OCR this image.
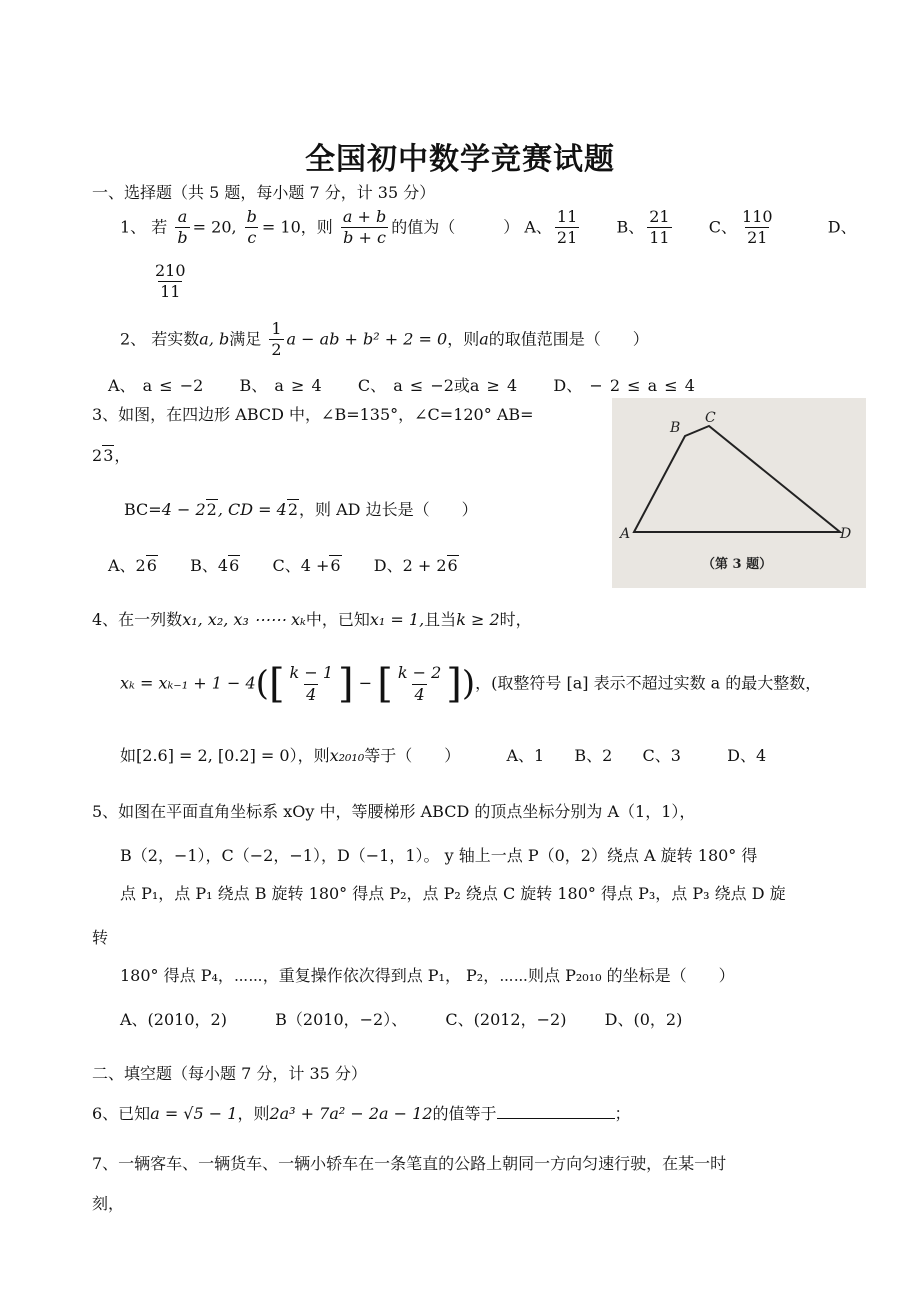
全国初中数学竞赛试题
一、选择题（共 5 题，每小题 7 分，计 35 分）
1、 若 $\frac{a}{b} = 20$, $\frac{b}{c} = 10$，则 $\frac{a + b}{b + c}$ 的值为（　　　） A、 $\frac{11}{21}$ B、 $\frac{21}{11}$ C、 $\frac{110}{21}$	D、
$\frac{210}{11}$
2、 若实数a, b满足 $\frac{1}{2}$ a − ab + b² + 2 = 0，则a的取值范围是（　　）
A、 a ≤ −2 B、 a ≥ 4 C、 a ≤ −2或a ≥ 4 D、 − 2 ≤ a ≤ 4
3、如图，在四边形 ABCD 中，∠B=135°，∠C=120° AB=
23，
BC=4 − 22, CD = 42，则 AD 边长是（　　）
A、26 B、46 C、4 +6 D、2 + 26
A
B
C
D
（第 3 题）
4、在一列数x₁, x₂, x₃ ⋯⋯ xₖ中，已知x₁ = 1,且当k ≥ 2时，
$x_k = x_{k-1} + 1 - 4([ \frac{k - 1}{4}$ ] − [ $\frac{k - 2}{4}$ ])，(取整符号 [a] 表示不超过实数 a 的最大整数，
如[2.6] = 2, [0.2] = 0），则x₂₀₁₀等于（　　）	A、1 B、2 C、3	D、4
5、如图在平面直角坐标系 xOy 中，等腰梯形 ABCD 的顶点坐标分别为 A（1，1），
B（2，−1），C（−2，−1），D（−1，1）。 y 轴上一点 P（0，2）绕点 A 旋转 180° 得
点 P₁，点 P₁ 绕点 B 旋转 180° 得点 P₂，点 P₂ 绕点 C 旋转 180° 得点 P₃，点 P₃ 绕点 D 旋
转
180° 得点 P₄，⋯⋯，重复操作依次得到点 P₁， P₂，⋯⋯则点 P₂₀₁₀ 的坐标是（　　）
A、(2010，2)	B（2010，−2）、 C、(2012，−2) D、(0，2)
二、填空题（每小题 7 分，计 35 分）
6、已知a = √5 − 1，则2a³ + 7a² − 2a − 12的值等于	；
7、一辆客车、一辆货车、一辆小轿车在一条笔直的公路上朝同一方向匀速行驶，在某一时
刻，
